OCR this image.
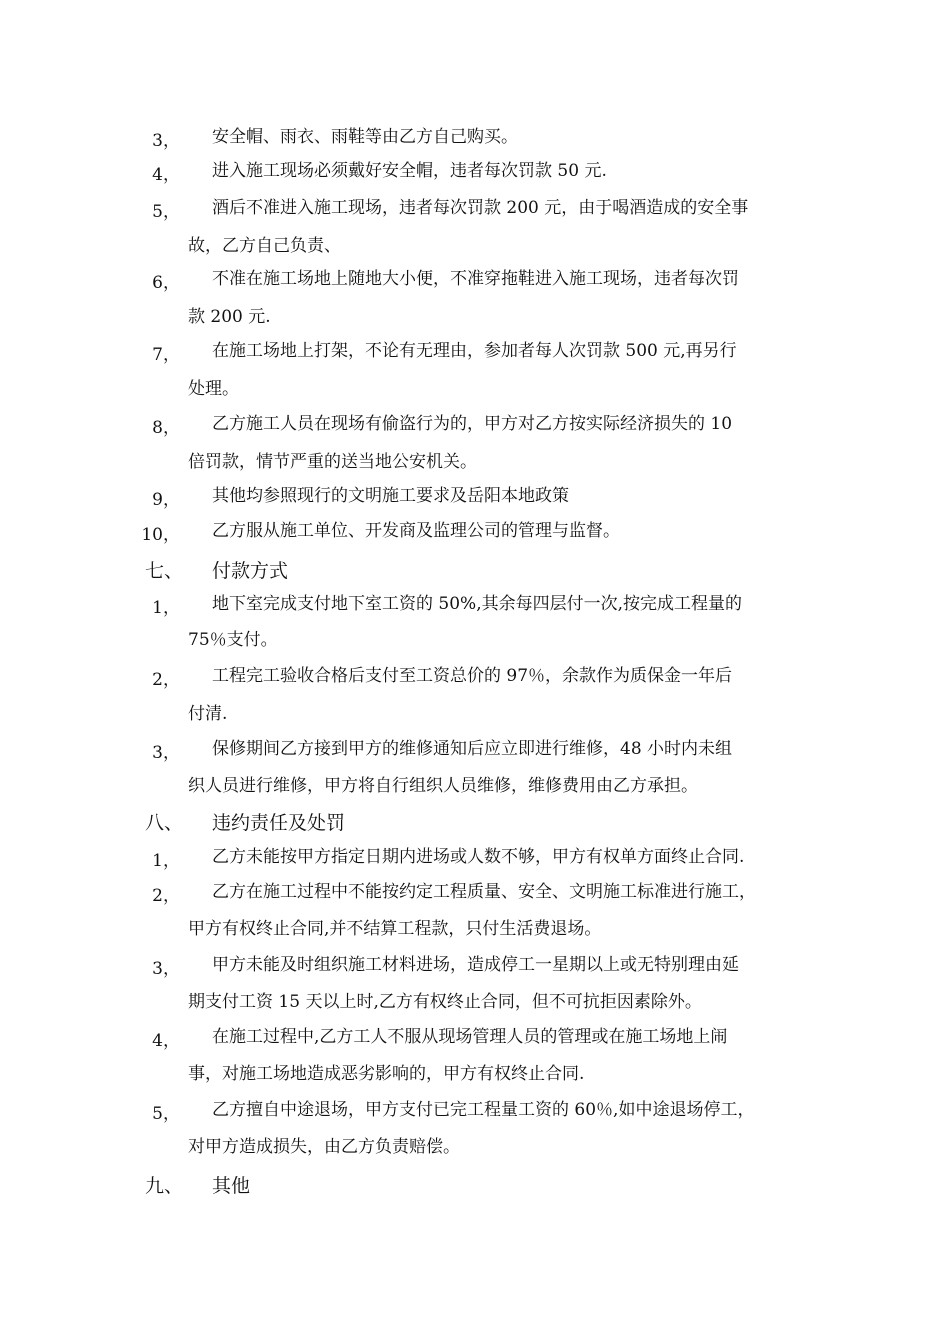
3， 安全帽、雨衣、雨鞋等由乙方自己购买。
4， 进入施工现场必须戴好安全帽，违者每次罚款 50 元.
5， 酒后不准进入施工现场，违者每次罚款 200 元，由于喝酒造成的安全事
故，乙方自己负责、
6， 不准在施工场地上随地大小便，不准穿拖鞋进入施工现场，违者每次罚
款 200 元.
7， 在施工场地上打架，不论有无理由，参加者每人次罚款 500 元,再另行
处理。
8， 乙方施工人员在现场有偷盗行为的，甲方对乙方按实际经济损失的 10
倍罚款，情节严重的送当地公安机关。
9， 其他均参照现行的文明施工要求及岳阳本地政策
10， 乙方服从施工单位、开发商及监理公司的管理与监督。
七、 付款方式
1， 地下室完成支付地下室工资的 50%,其余每四层付一次,按完成工程量的
75％支付。
2， 工程完工验收合格后支付至工资总价的 97％，余款作为质保金一年后
付清.
3， 保修期间乙方接到甲方的维修通知后应立即进行维修，48 小时内未组
织人员进行维修，甲方将自行组织人员维修，维修费用由乙方承担。
八、 违约责任及处罚
1， 乙方未能按甲方指定日期内进场或人数不够，甲方有权单方面终止合同.
2， 乙方在施工过程中不能按约定工程质量、安全、文明施工标准进行施工，
甲方有权终止合同,并不结算工程款，只付生活费退场。
3， 甲方未能及时组织施工材料进场，造成停工一星期以上或无特别理由延
期支付工资 15 天以上时,乙方有权终止合同，但不可抗拒因素除外。
4， 在施工过程中,乙方工人不服从现场管理人员的管理或在施工场地上闹
事，对施工场地造成恶劣影响的，甲方有权终止合同.
5， 乙方擅自中途退场，甲方支付已完工程量工资的 60％,如中途退场停工，
对甲方造成损失，由乙方负责赔偿。
九、 其他
